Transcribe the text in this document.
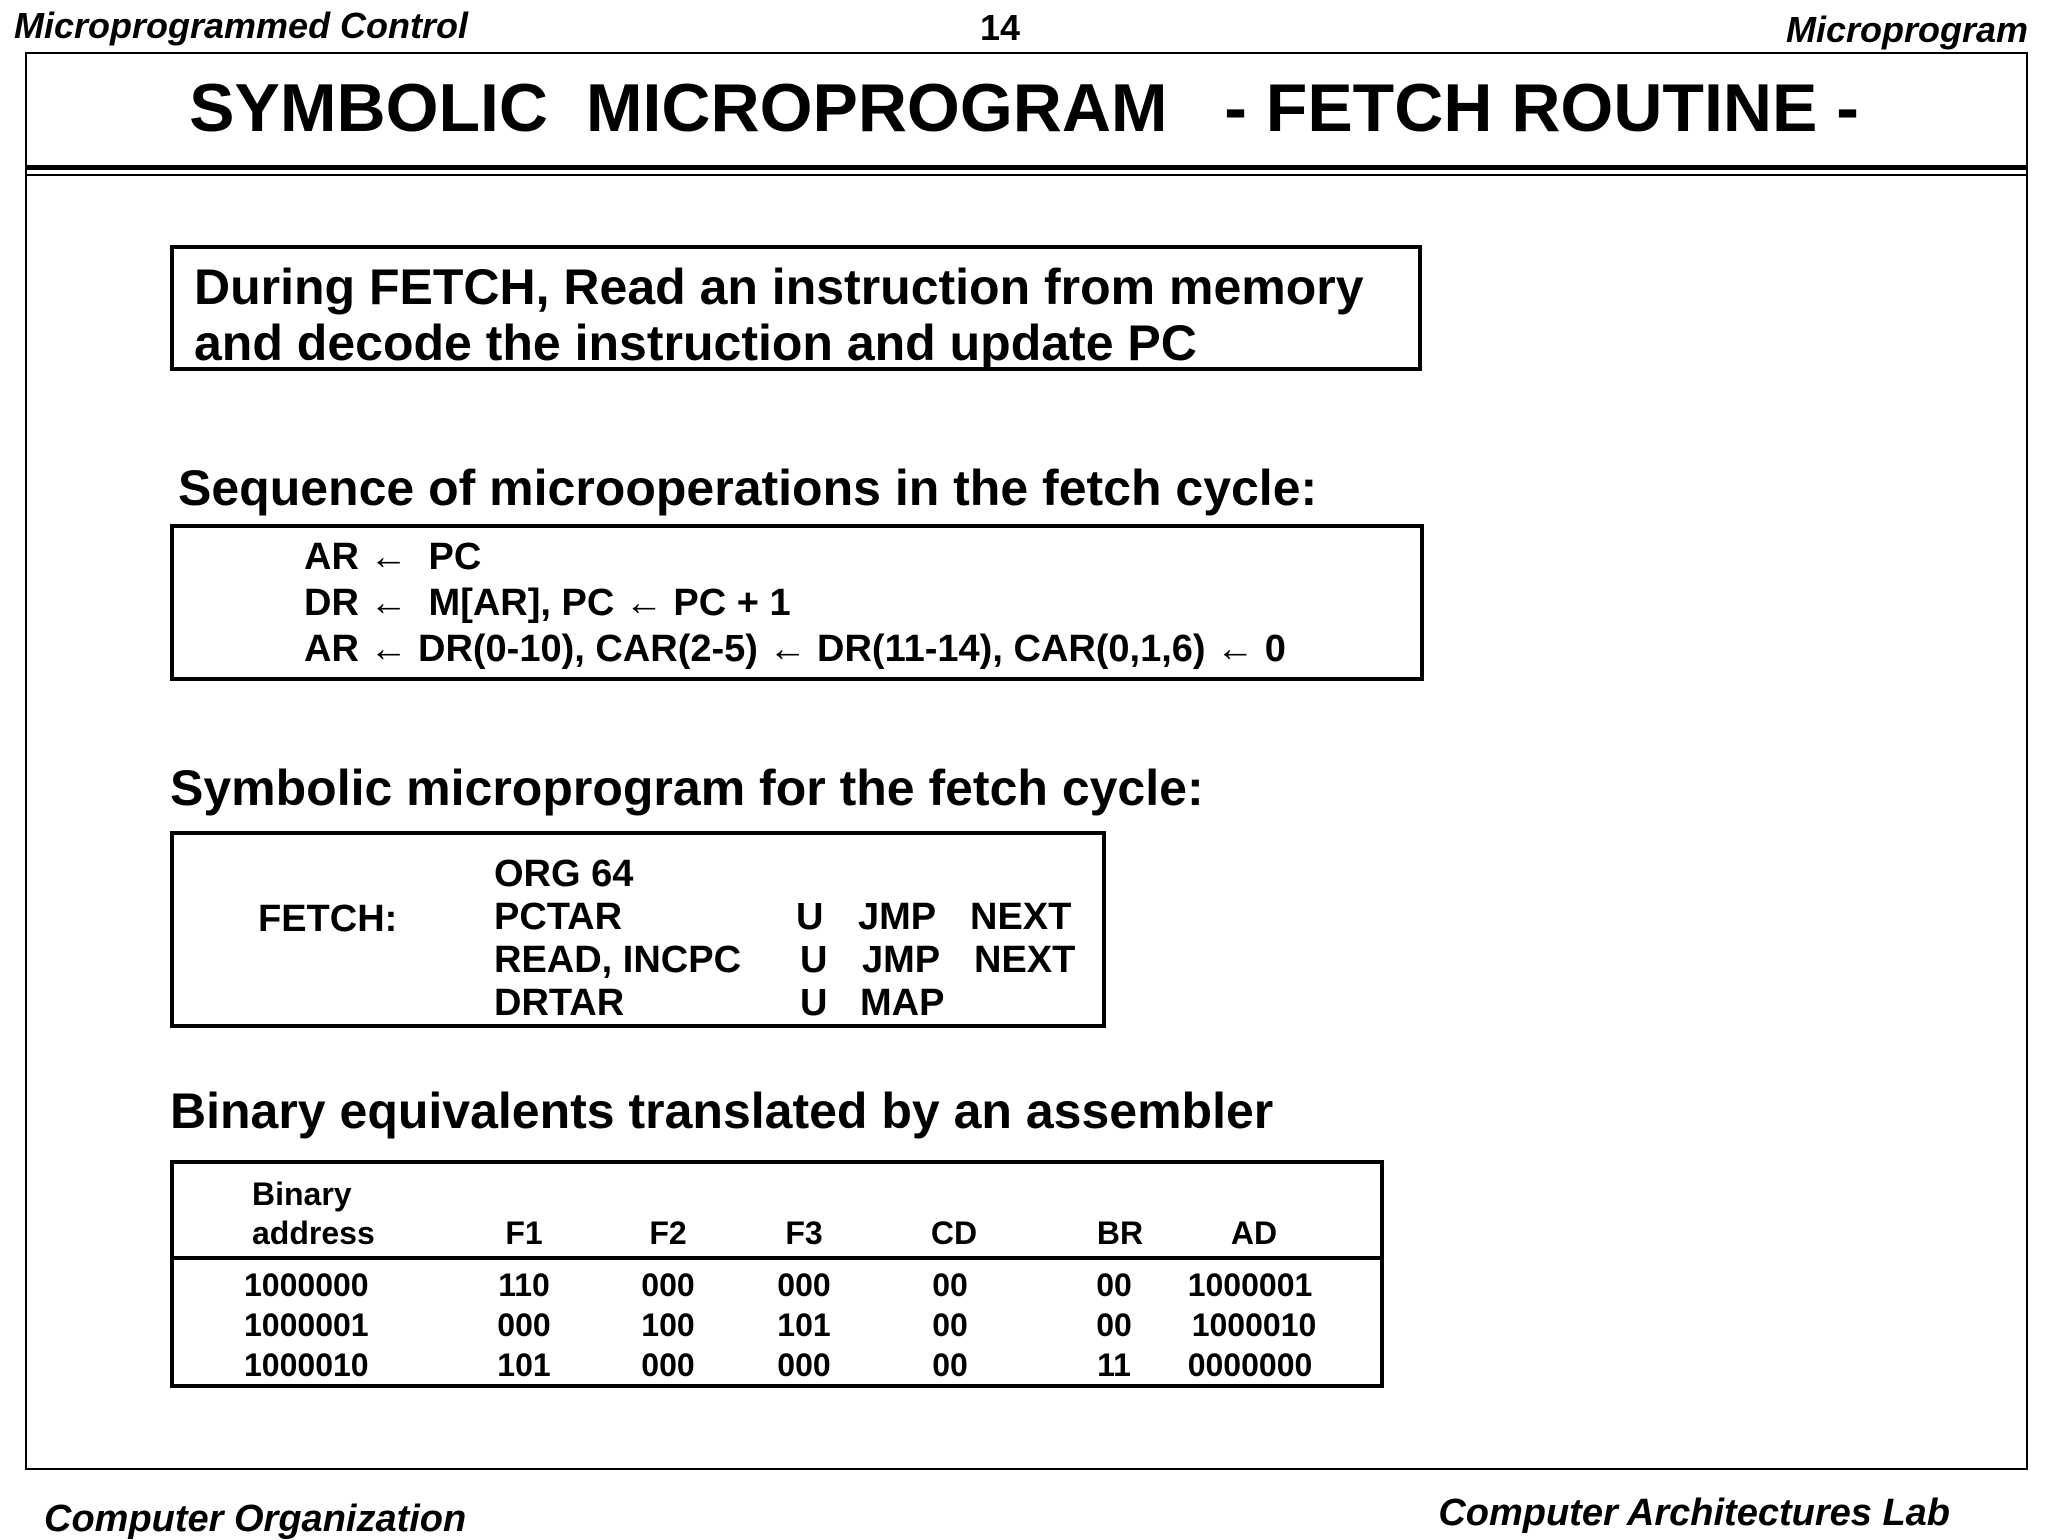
Microprogrammed Control	14	Microprogram
SYMBOLIC  MICROPROGRAM   - FETCH ROUTINE -
During FETCH, Read an instruction from memory
and decode the instruction and update PC
Sequence of microoperations in the fetch cycle:
AR ←  PC
DR ←  M[AR], PC ← PC + 1
AR ← DR(0-10), CAR(2-5) ← DR(11-14), CAR(0,1,6) ← 0
Symbolic microprogram for the fetch cycle:
ORG 64
FETCH:	PCTAR	U JMP NEXT
READ, INCPC U JMP NEXT
DRTAR	U MAP
Binary equivalents translated by an assembler
Binary
address	F1	F2	F3	CD	BR	AD
1000000	110	000	000	00	00	1000001
1000001	000	100	101	00	00	1000010
1000010	101	000	000	00	11	0000000
Computer Organization	Computer Architectures Lab
